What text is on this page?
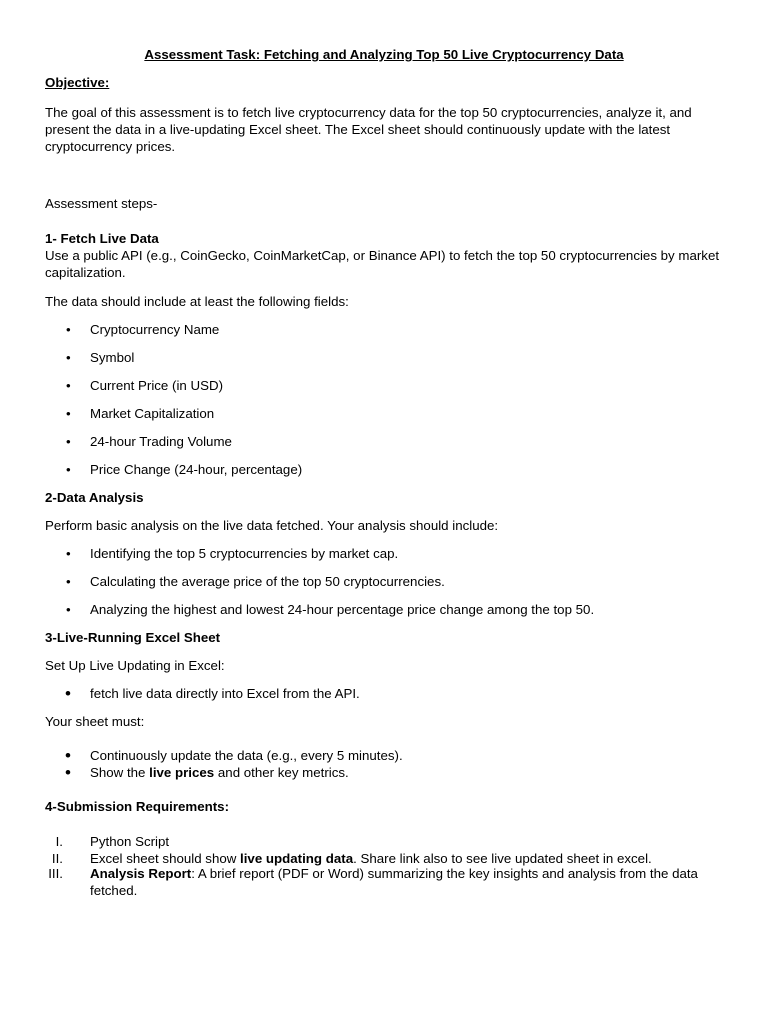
Assessment Task: Fetching and Analyzing Top 50 Live Cryptocurrency Data
Objective:
The goal of this assessment is to fetch live cryptocurrency data for the top 50 cryptocurrencies, analyze it, and present the data in a live-updating Excel sheet. The Excel sheet should continuously update with the latest cryptocurrency prices.
Assessment steps-
1- Fetch Live Data
Use a public API (e.g., CoinGecko, CoinMarketCap, or Binance API) to fetch the top 50 cryptocurrencies by market capitalization.
The data should include at least the following fields:
• Cryptocurrency Name
• Symbol
• Current Price (in USD)
• Market Capitalization
• 24-hour Trading Volume
• Price Change (24-hour, percentage)
2-Data Analysis
Perform basic analysis on the live data fetched. Your analysis should include:
• Identifying the top 5 cryptocurrencies by market cap.
• Calculating the average price of the top 50 cryptocurrencies.
• Analyzing the highest and lowest 24-hour percentage price change among the top 50.
3-Live-Running Excel Sheet
Set Up Live Updating in Excel:
• fetch live data directly into Excel from the API.
Your sheet must:
• Continuously update the data (e.g., every 5 minutes).
• Show the live prices and other key metrics.
4-Submission Requirements:
I. Python Script
II. Excel sheet should show live updating data. Share link also to see live updated sheet in excel.
III. Analysis Report: A brief report (PDF or Word) summarizing the key insights and analysis from the data fetched.
